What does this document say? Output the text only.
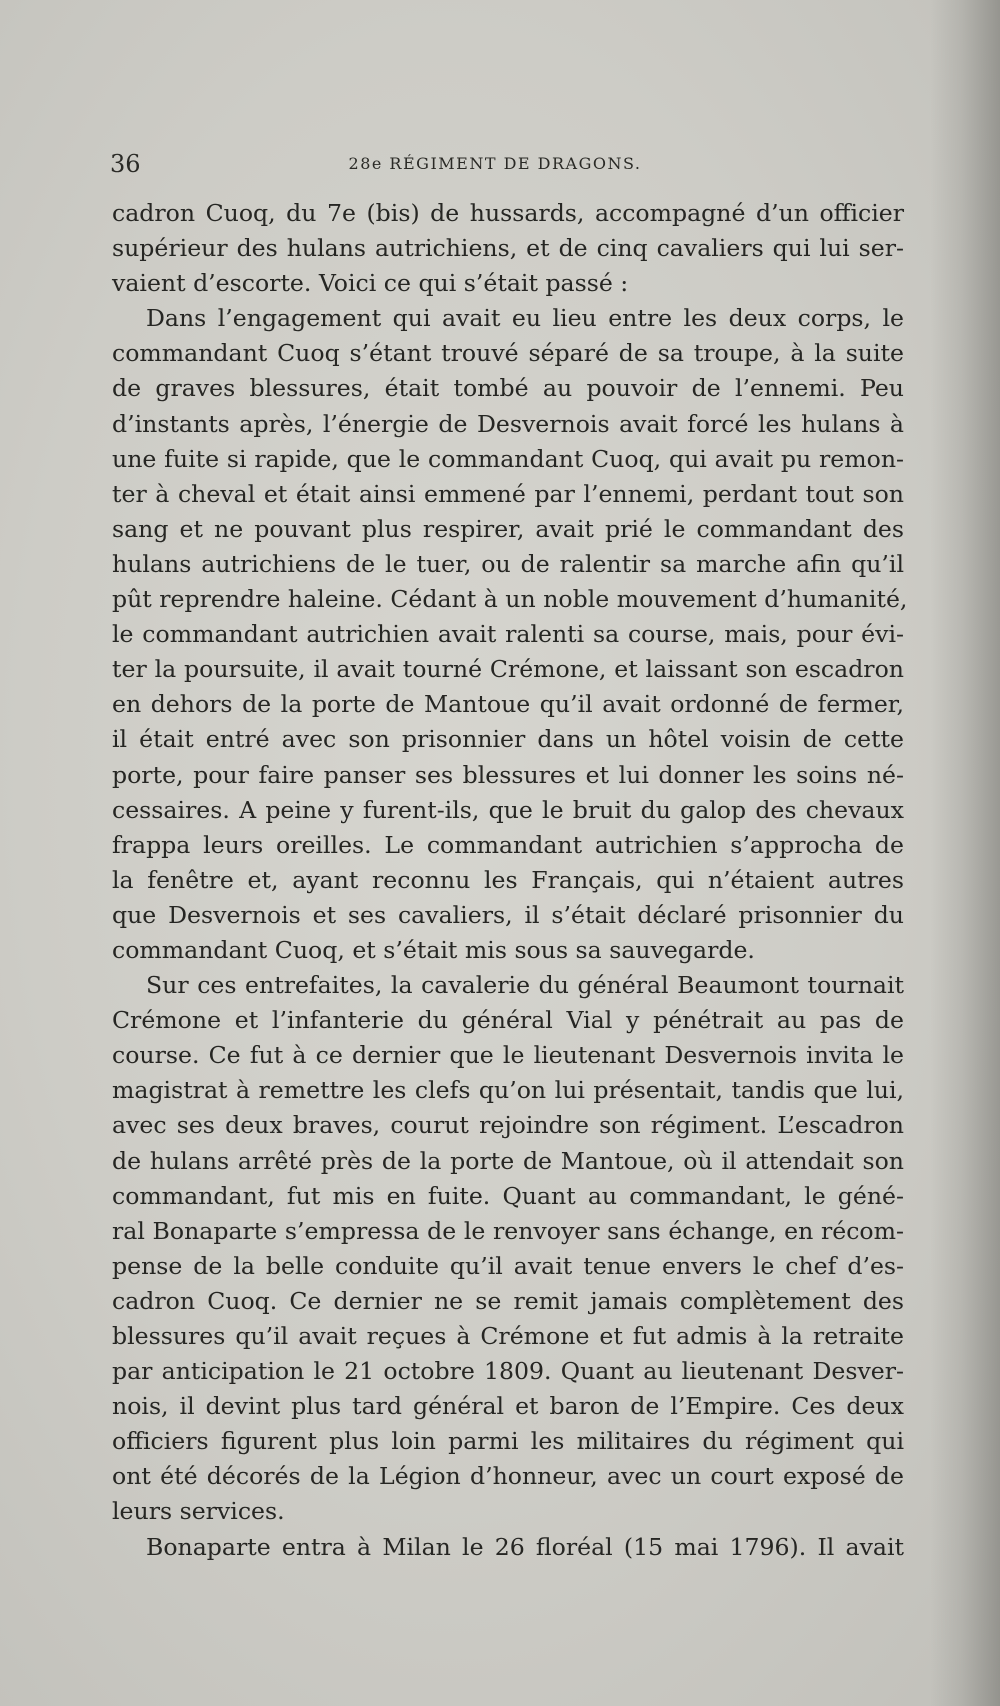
36	28e RÉGIMENT DE DRAGONS.
cadron Cuoq, du 7e (bis) de hussards, accompagné d’un officier
supérieur des hulans autrichiens, et de cinq cavaliers qui lui ser-
vaient d’escorte. Voici ce qui s’était passé :
Dans l’engagement qui avait eu lieu entre les deux corps, le
commandant Cuoq s’étant trouvé séparé de sa troupe, à la suite
de graves blessures, était tombé au pouvoir de l’ennemi. Peu
d’instants après, l’énergie de Desvernois avait forcé les hulans à
une fuite si rapide, que le commandant Cuoq, qui avait pu remon-
ter à cheval et était ainsi emmené par l’ennemi, perdant tout son
sang et ne pouvant plus respirer, avait prié le commandant des
hulans autrichiens de le tuer, ou de ralentir sa marche afin qu’il
pût reprendre haleine. Cédant à un noble mouvement d’humanité,
le commandant autrichien avait ralenti sa course, mais, pour évi-
ter la poursuite, il avait tourné Crémone, et laissant son escadron
en dehors de la porte de Mantoue qu’il avait ordonné de fermer,
il était entré avec son prisonnier dans un hôtel voisin de cette
porte, pour faire panser ses blessures et lui donner les soins né-
cessaires. A peine y furent-ils, que le bruit du galop des chevaux
frappa leurs oreilles. Le commandant autrichien s’approcha de
la fenêtre et, ayant reconnu les Français, qui n’étaient autres
que Desvernois et ses cavaliers, il s’était déclaré prisonnier du
commandant Cuoq, et s’était mis sous sa sauvegarde.
Sur ces entrefaites, la cavalerie du général Beaumont tournait
Crémone et l’infanterie du général Vial y pénétrait au pas de
course. Ce fut à ce dernier que le lieutenant Desvernois invita le
magistrat à remettre les clefs qu’on lui présentait, tandis que lui,
avec ses deux braves, courut rejoindre son régiment. L’escadron
de hulans arrêté près de la porte de Mantoue, où il attendait son
commandant, fut mis en fuite. Quant au commandant, le géné-
ral Bonaparte s’empressa de le renvoyer sans échange, en récom-
pense de la belle conduite qu’il avait tenue envers le chef d’es-
cadron Cuoq. Ce dernier ne se remit jamais complètement des
blessures qu’il avait reçues à Crémone et fut admis à la retraite
par anticipation le 21 octobre 1809. Quant au lieutenant Desver-
nois, il devint plus tard général et baron de l’Empire. Ces deux
officiers figurent plus loin parmi les militaires du régiment qui
ont été décorés de la Légion d’honneur, avec un court exposé de
leurs services.
Bonaparte entra à Milan le 26 floréal (15 mai 1796). Il avait
